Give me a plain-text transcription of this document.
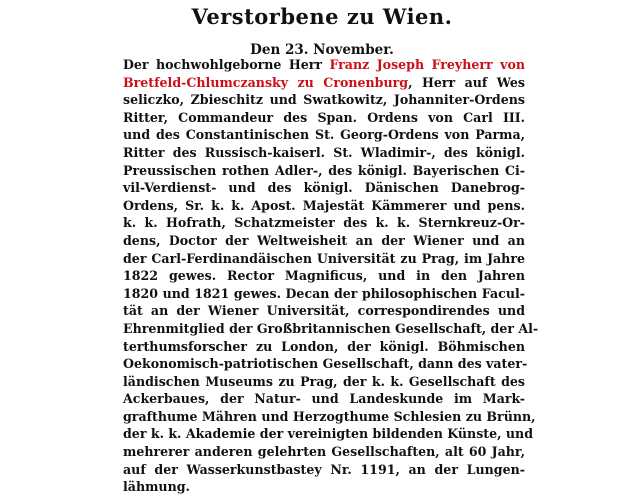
Verstorbene zu Wien.
Den 23. November.
Der hochwohlgeborne Herr Franz Joseph Freyherr von
Bretfeld-Chlumczansky zu Cronenburg, Herr auf Wes
seliczko, Zbieschitz und Swatkowitz, Johanniter-Ordens
Ritter, Commandeur des Span. Ordens von Carl III.
und des Constantinischen St. Georg-Ordens von Parma,
Ritter des Russisch-kaiserl. St. Wladimir-, des königl.
Preussischen rothen Adler-, des königl. Bayerischen Ci-
vil-Verdienst- und des königl. Dänischen Danebrog-
Ordens, Sr. k. k. Apost. Majestät Kämmerer und pens.
k. k. Hofrath, Schatzmeister des k. k. Sternkreuz-Or-
dens, Doctor der Weltweisheit an der Wiener und an
der Carl-Ferdinandäischen Universität zu Prag, im Jahre
1822 gewes. Rector Magnificus, und in den Jahren
1820 und 1821 gewes. Decan der philosophischen Facul-
tät an der Wiener Universität, correspondirendes und
Ehrenmitglied der Großbritannischen Gesellschaft, der Al-
terthumsforscher zu London, der königl. Böhmischen
Oekonomisch-patriotischen Gesellschaft, dann des vater-
ländischen Museums zu Prag, der k. k. Gesellschaft des
Ackerbaues, der Natur- und Landeskunde im Mark-
grafthume Mähren und Herzogthume Schlesien zu Brünn,
der k. k. Akademie der vereinigten bildenden Künste, und
mehrerer anderen gelehrten Gesellschaften, alt 60 Jahr,
auf der Wasserkunstbastey Nr. 1191, an der Lungen-
lähmung.
